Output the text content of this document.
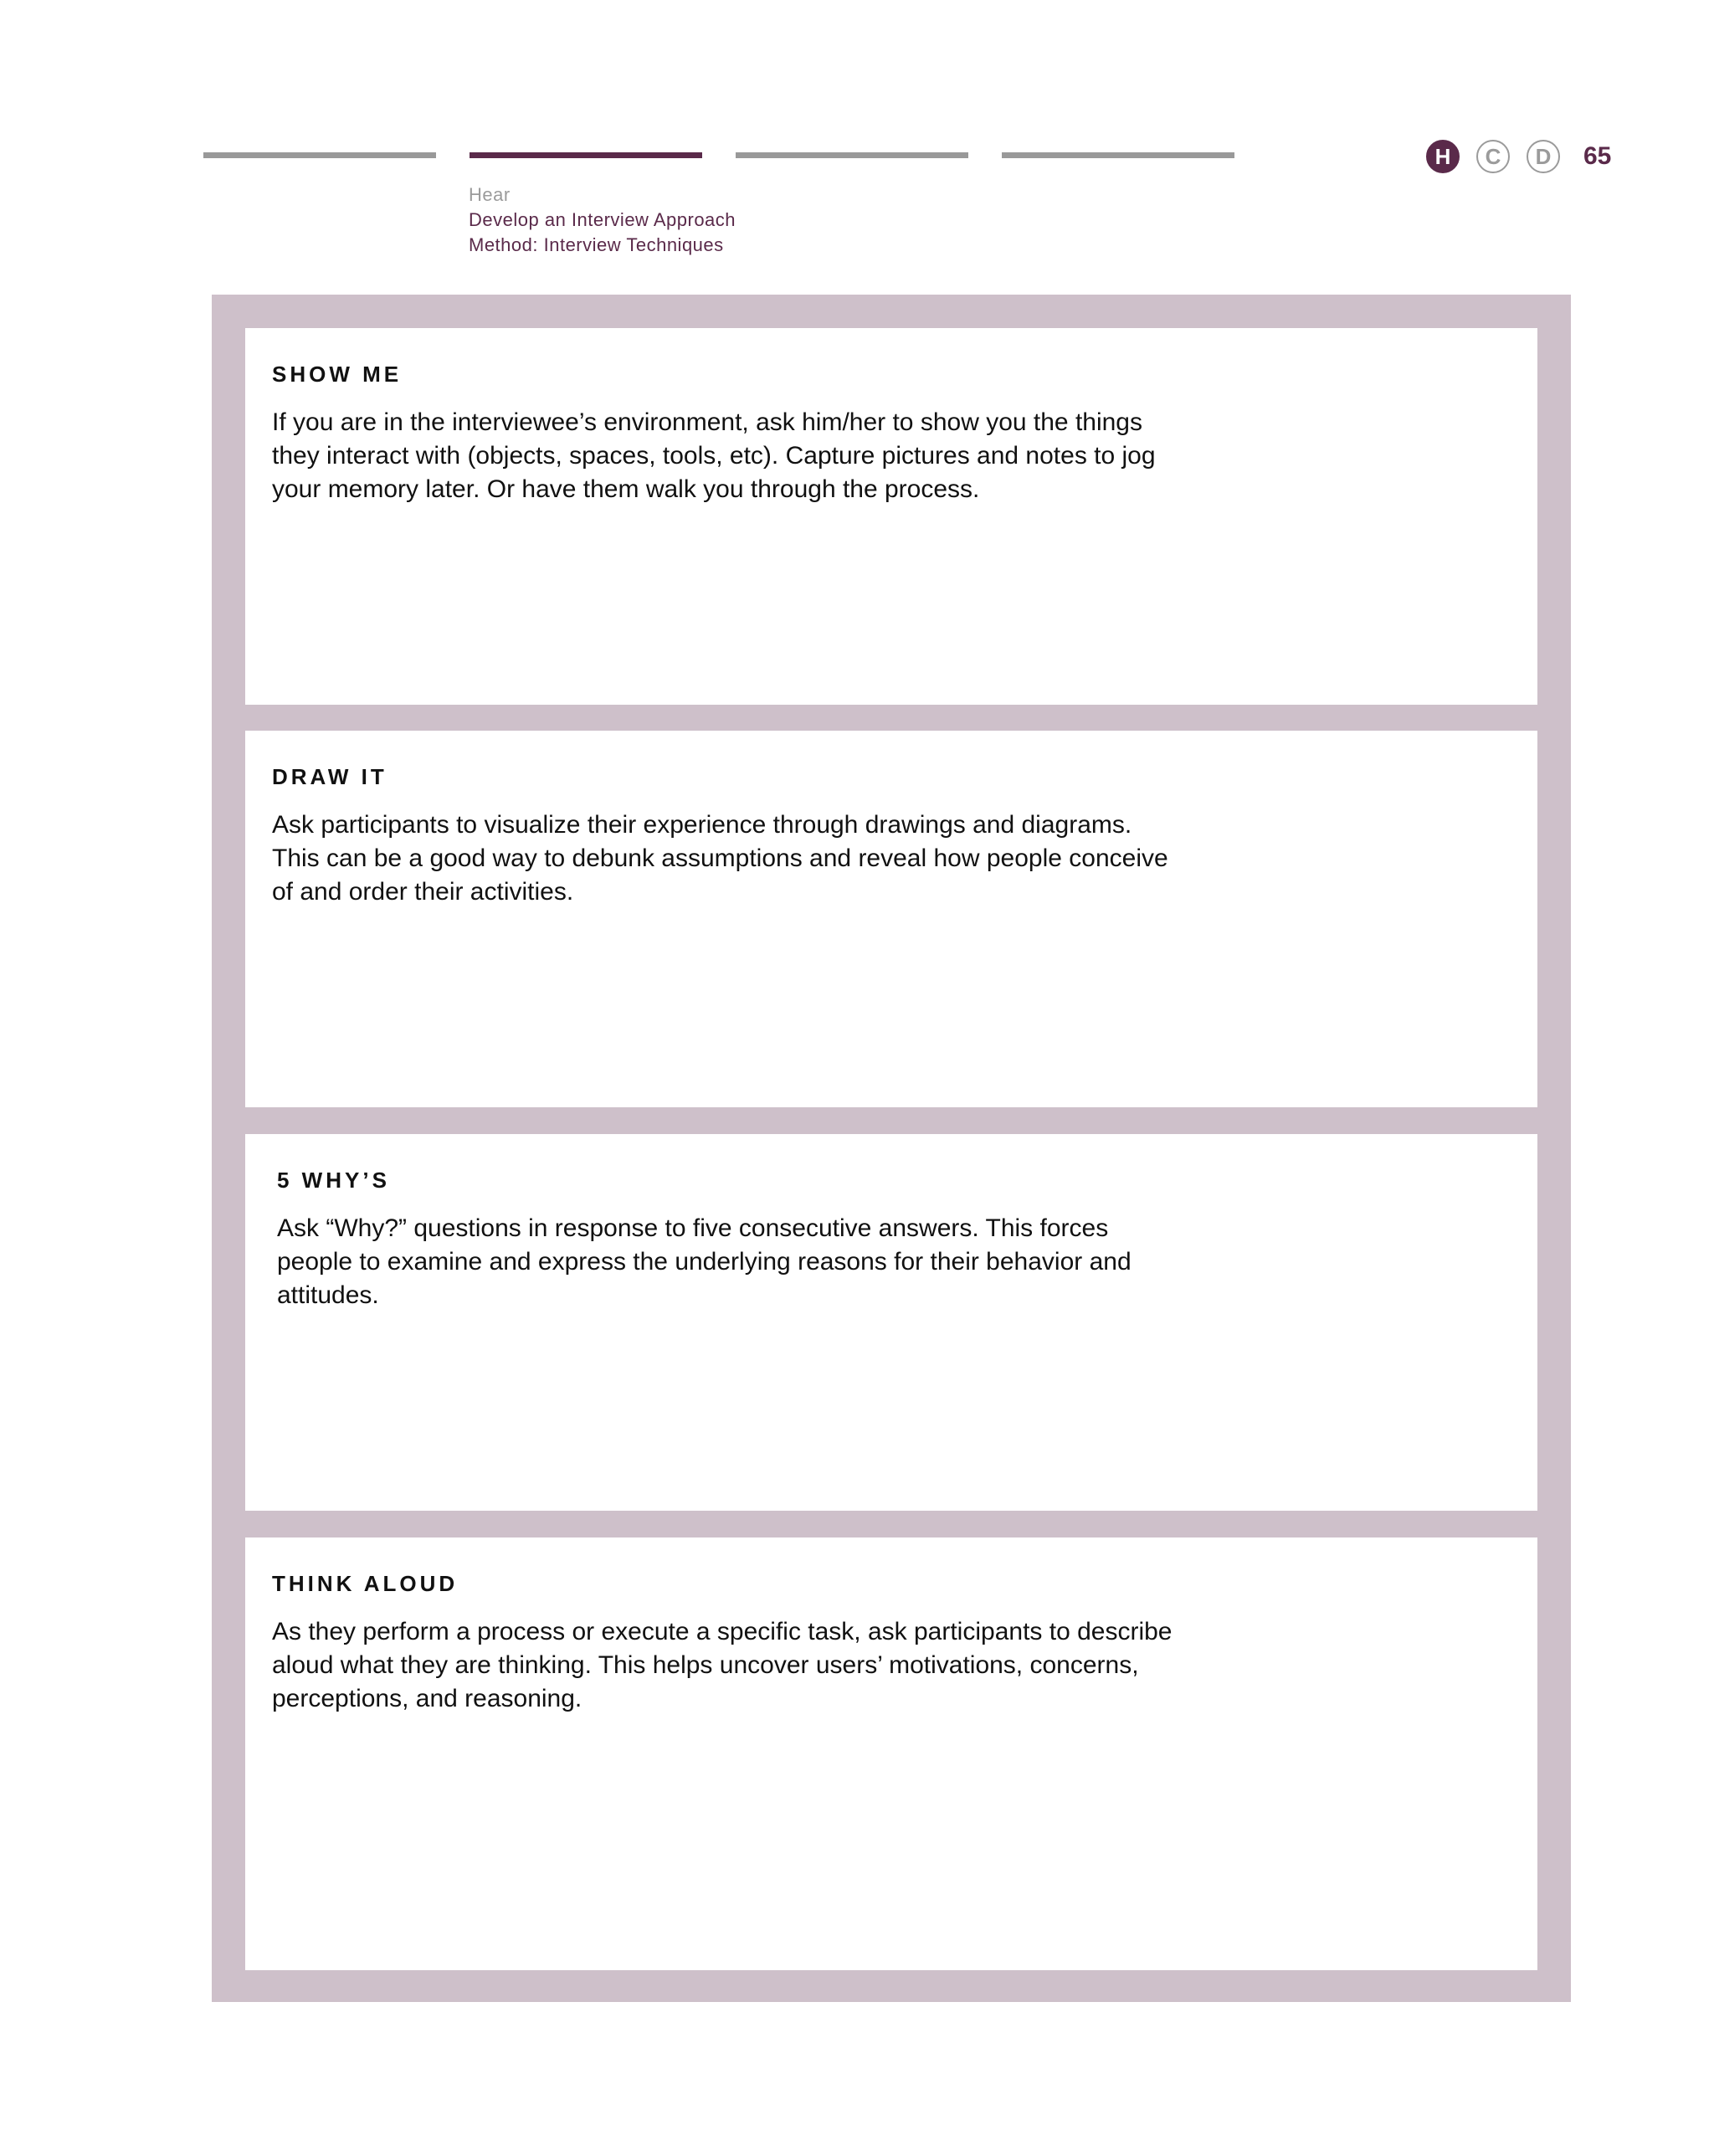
Hear
Develop an Interview Approach
Method: Interview Techniques
H	C	D	65

SHOW ME

If you are in the interviewee’s environment, ask him/her to show you the things they interact with (objects, spaces, tools, etc). Capture pictures and notes to jog your memory later. Or have them walk you through the process.

DRAW IT

Ask participants to visualize their experience through drawings and diagrams. This can be a good way to debunk assumptions and reveal how people conceive of and order their activities.

5 WHY’S

Ask “Why?” questions in response to five consecutive answers. This forces people to examine and express the underlying reasons for their behavior and attitudes.

THINK ALOUD

As they perform a process or execute a specific task, ask participants to describe aloud what they are thinking. This helps uncover users’ motivations, concerns, perceptions, and reasoning.
